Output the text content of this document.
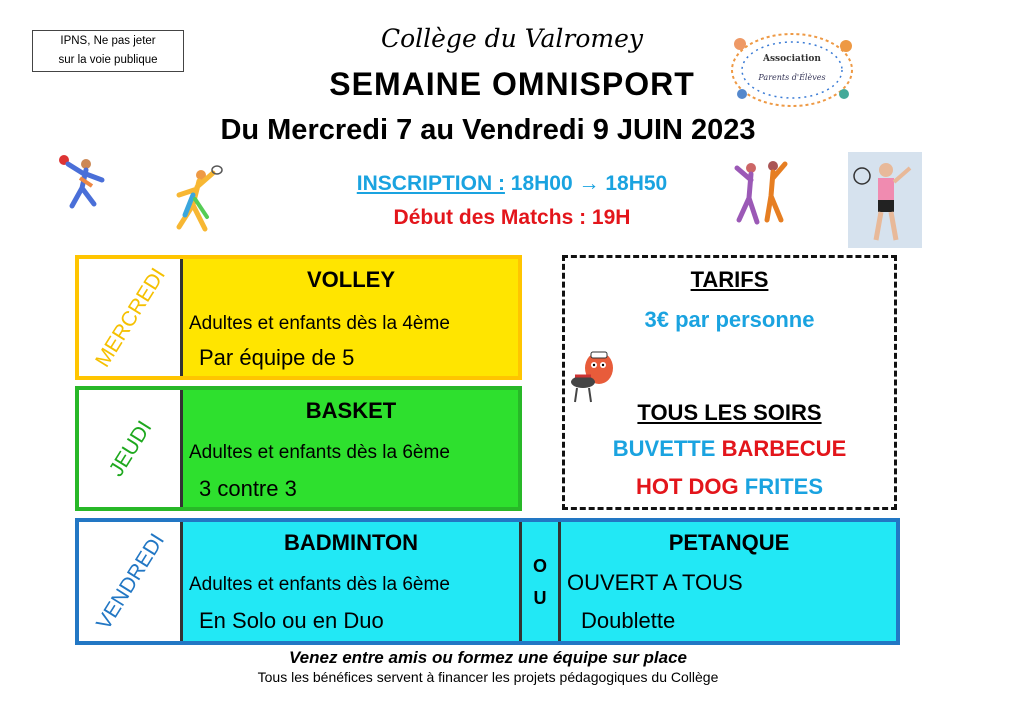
IPNS, Ne pas jeter
sur la voie publique
Collège du Valromey
SEMAINE OMNISPORT
Du Mercredi 7 au Vendredi 9 JUIN 2023
INSCRIPTION : 18H00 → 18H50
Début des Matchs : 19H
Association
Parents d'Élèves
MERCREDI	VOLLEY
Adultes et enfants dès la 4ème
Par équipe de 5
JEUDI
BASKET
Adultes et enfants dès la 6ème
3 contre 3
VENDREDI	BADMINTON
Adultes et enfants dès la 6ème
En Solo ou en Duo
O
U
PETANQUE
OUVERT A TOUS
Doublette
TARIFS
3€ par personne
TOUS LES SOIRS
BUVETTE BARBECUE
HOT DOG FRITES
Venez entre amis ou formez une équipe sur place
Tous les bénéfices servent à financer les projets pédagogiques du Collège
